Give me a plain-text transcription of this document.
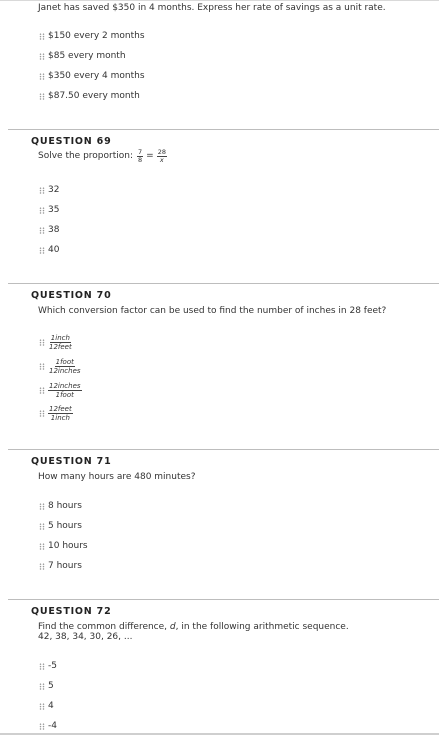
Janet has saved $350 in 4 months. Express her rate of savings as a unit rate.
$150 every 2 months
$85 every month
$350 every 4 months
$87.50 every month
QUESTION 69
Solve the proportion: $\frac{7}{8} = \frac{28}{x}$
32
35
38
40
QUESTION 70
Which conversion factor can be used to find the number of inches in 28 feet?
$\frac{\text{1inch}}{\text{12feet}}$
$\frac{\text{1foot}}{\text{12inches}}$
$\frac{\text{12inches}}{\text{1foot}}$
$\frac{\text{12feet}}{\text{1inch}}$
QUESTION 71
How many hours are 480 minutes?
8 hours
5 hours
10 hours
7 hours
QUESTION 72
Find the common difference, d, in the following arithmetic sequence.
42, 38, 34, 30, 26, ...
-5
5
4
-4
